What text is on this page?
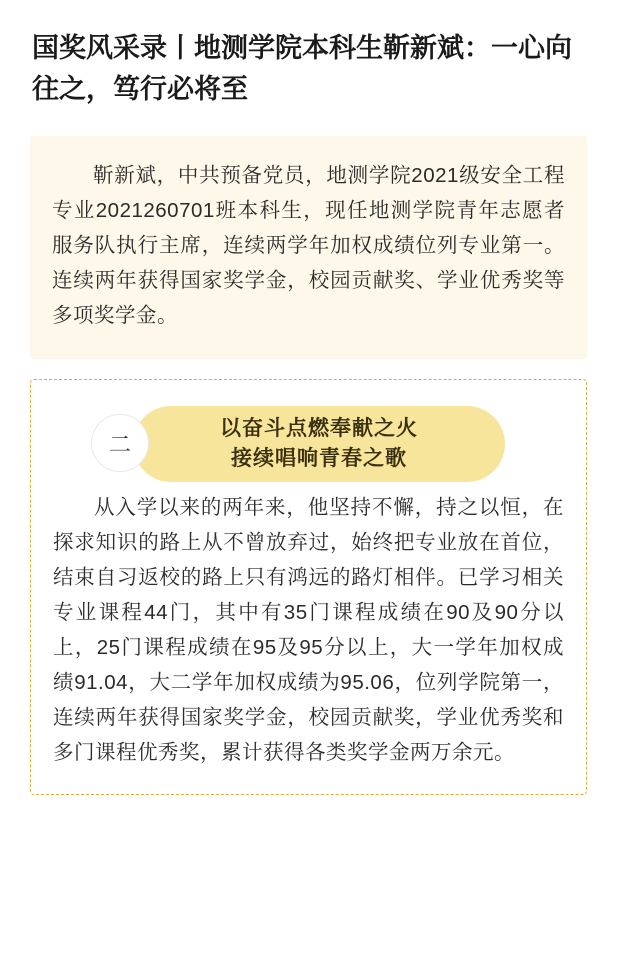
国奖风采录丨地测学院本科生靳新斌：一心向往之，笃行必将至

靳新斌，中共预备党员，地测学院2021级安全工程专业2021260701班本科生，现任地测学院青年志愿者服务队执行主席，连续两学年加权成绩位列专业第一。连续两年获得国家奖学金，校园贡献奖、学业优秀奖等多项奖学金。

以奋斗点燃奉献之火
接续唱响青春之歌
二

从入学以来的两年来，他坚持不懈，持之以恒，在探求知识的路上从不曾放弃过，始终把专业放在首位，结束自习返校的路上只有鸿远的路灯相伴。已学习相关专业课程44门，其中有35门课程成绩在90及90分以上，25门课程成绩在95及95分以上，大一学年加权成绩91.04，大二学年加权成绩为95.06，位列学院第一，连续两年获得国家奖学金，校园贡献奖，学业优秀奖和多门课程优秀奖，累计获得各类奖学金两万余元。
